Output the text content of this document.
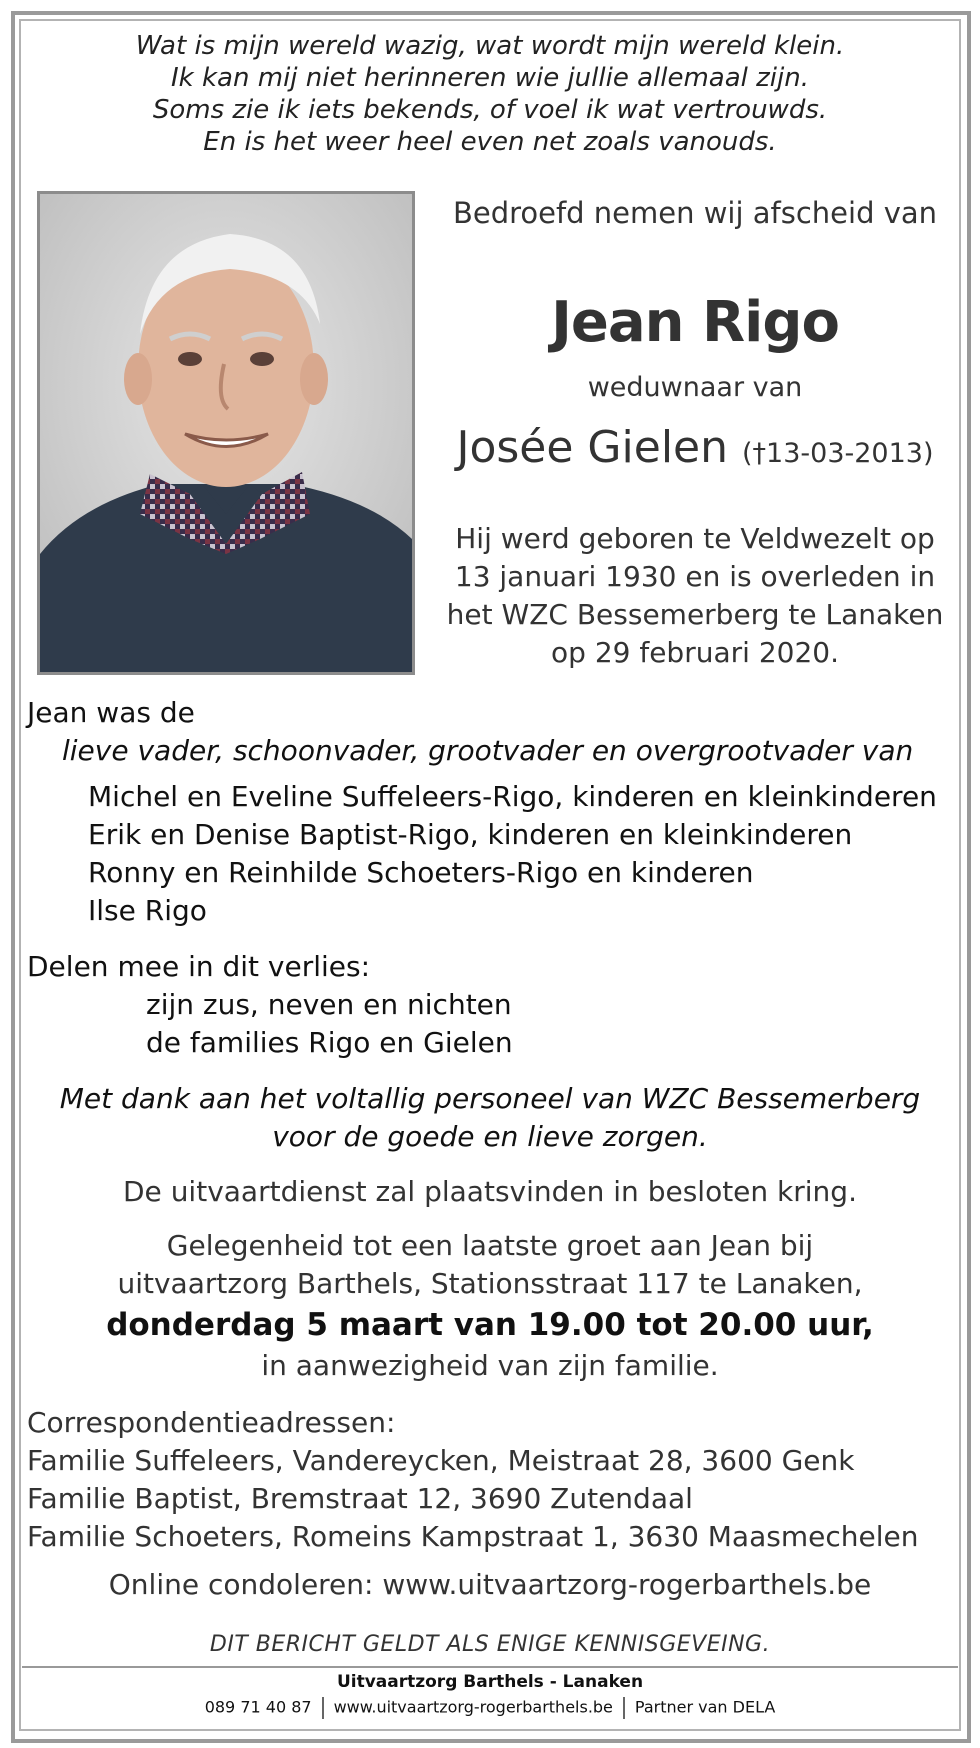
Wat is mijn wereld wazig, wat wordt mijn wereld klein.
Ik kan mij niet herinneren wie jullie allemaal zijn.
Soms zie ik iets bekends, of voel ik wat vertrouwds.
En is het weer heel even net zoals vanouds.
Bedroefd nemen wij afscheid van
Jean Rigo
weduwnaar van
Josée Gielen (†13-03-2013)
Hij werd geboren te Veldwezelt op
13 januari 1930 en is overleden in
het WZC Bessemerberg te Lanaken
op 29 februari 2020.
Jean was de
lieve vader, schoonvader, grootvader en overgrootvader van
Michel en Eveline Suffeleers-Rigo, kinderen en kleinkinderen
Erik en Denise Baptist-Rigo, kinderen en kleinkinderen
Ronny en Reinhilde Schoeters-Rigo en kinderen
Ilse Rigo
Delen mee in dit verlies:
zijn zus, neven en nichten
de families Rigo en Gielen
Met dank aan het voltallig personeel van WZC Bessemerberg
voor de goede en lieve zorgen.
De uitvaartdienst zal plaatsvinden in besloten kring.
Gelegenheid tot een laatste groet aan Jean bij
uitvaartzorg Barthels, Stationsstraat 117 te Lanaken,
donderdag 5 maart van 19.00 tot 20.00 uur,
in aanwezigheid van zijn familie.
Correspondentieadressen:
Familie Suffeleers, Vandereycken, Meistraat 28, 3600 Genk
Familie Baptist, Bremstraat 12, 3690 Zutendaal
Familie Schoeters, Romeins Kampstraat 1, 3630 Maasmechelen
Online condoleren: www.uitvaartzorg-rogerbarthels.be
DIT BERICHT GELDT ALS ENIGE KENNISGEVEING.
Uitvaartzorg Barthels - Lanaken
089 71 40 87 www.uitvaartzorg-rogerbarthels.be Partner van DELA
